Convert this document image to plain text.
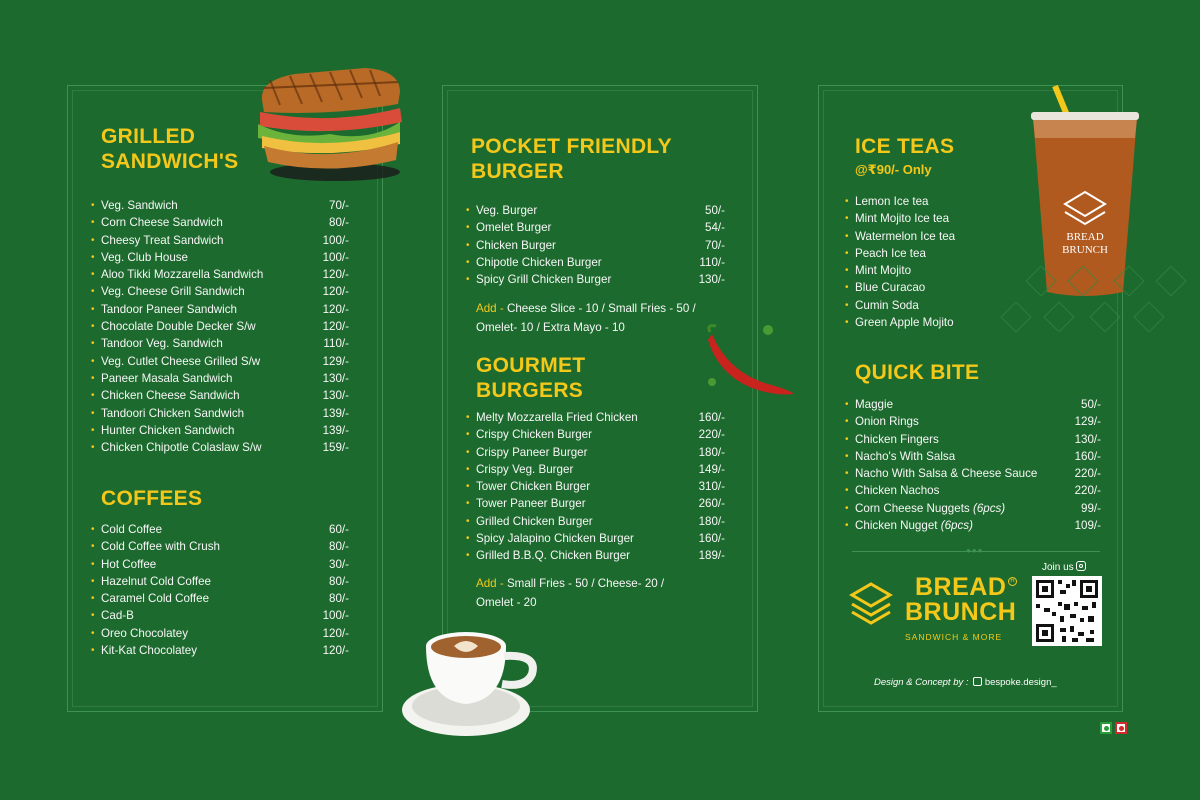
GRILLED
SANDWICH'S
• Veg. Sandwich	70/-
• Corn Cheese Sandwich	80/-
• Cheesy Treat Sandwich	100/-
• Veg. Club House	100/-
• Aloo Tikki Mozzarella Sandwich	120/-
• Veg. Cheese Grill Sandwich	120/-
• Tandoor Paneer Sandwich	120/-
• Chocolate Double Decker S/w	120/-
• Tandoor Veg. Sandwich	110/-
• Veg. Cutlet Cheese Grilled S/w	129/-
• Paneer Masala Sandwich	130/-
• Chicken Cheese Sandwich	130/-
• Tandoori Chicken Sandwich	139/-
• Hunter Chicken Sandwich	139/-
• Chicken Chipotle Colaslaw S/w	159/-
COFFEES
• Cold Coffee	60/-
• Cold Coffee with Crush	80/-
• Hot Coffee	30/-
• Hazelnut Cold Coffee	80/-
• Caramel Cold Coffee	80/-
• Cad-B	100/-
• Oreo Chocolatey	120/-
• Kit-Kat Chocolatey	120/-
POCKET FRIENDLY
BURGER
• Veg. Burger	50/-
• Omelet Burger	54/-
• Chicken Burger	70/-
• Chipotle Chicken Burger	110/-
• Spicy Grill Chicken Burger	130/-
Add - Cheese Slice - 10 / Small Fries - 50 /
Omelet- 10 / Extra Mayo - 10
GOURMET
BURGERS
• Melty Mozzarella Fried Chicken	160/-
• Crispy Chicken Burger	220/-
• Crispy Paneer Burger	180/-
• Crispy Veg. Burger	149/-
• Tower Chicken Burger	310/-
• Tower Paneer Burger	260/-
• Grilled Chicken Burger	180/-
• Spicy Jalapino Chicken Burger	160/-
• Grilled B.B.Q. Chicken Burger	189/-
Add - Small Fries - 50 / Cheese- 20 /
Omelet - 20
ICE TEAS
@₹90/- Only
• Lemon Ice tea
• Mint Mojito Ice tea
• Watermelon Ice tea
• Peach Ice tea
• Mint Mojito
• Blue Curacao
• Cumin Soda
• Green Apple Mojito
QUICK BITE
• Maggie	50/-
• Onion Rings	129/-
• Chicken Fingers	130/-
• Nacho's With Salsa	160/-
• Nacho With Salsa & Cheese Sauce	220/-
• Chicken Nachos	220/-
• Corn Cheese Nuggets (6pcs)	99/-
• Chicken Nugget (6pcs)	109/-
BREAD
BRUNCH
●●●
BREAD
BRUNCH
R
SANDWICH & MORE
Join us
Design & Concept by : bespoke.design_
